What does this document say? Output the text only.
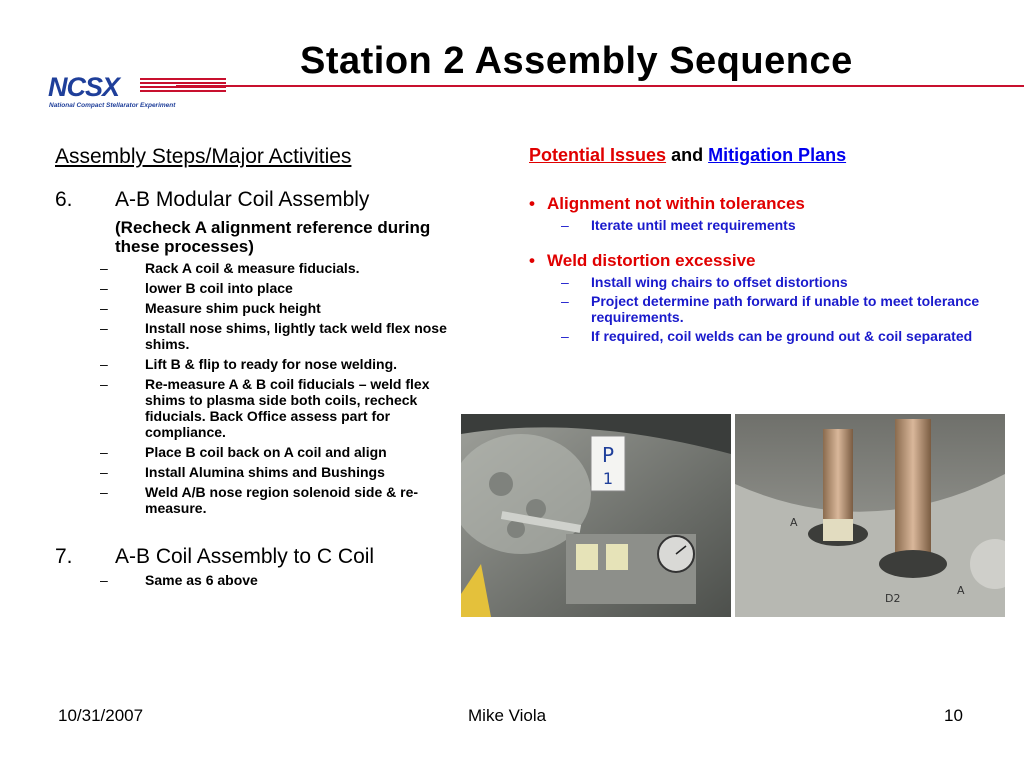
Station 2 Assembly Sequence
NCSX
National Compact Stellarator Experiment
Assembly Steps/Major Activities
6.	A-B Modular Coil Assembly
(Recheck A alignment reference during these processes)
–	Rack A coil & measure fiducials.
–	lower B coil into place
–	Measure shim puck height
–	Install nose shims, lightly tack weld flex nose shims.
–	Lift B & flip to ready for nose welding.
–	Re-measure A & B coil fiducials – weld flex shims to plasma side both coils, recheck fiducials. Back Office assess part for compliance.
–	Place B coil back on A coil and align
–	Install Alumina shims and Bushings
–	Weld A/B nose region solenoid side & re-measure.
7.	A-B Coil Assembly to C Coil
–	Same as 6 above
Potential Issues and Mitigation Plans
• Alignment not within tolerances
–	Iterate until meet requirements
• Weld distortion excessive
–	Install wing chairs to offset distortions
–	Project determine path forward if unable to meet tolerance requirements.
–	If required, coil welds can be ground out & coil separated
P
1
A
D2
A
10/31/2007	Mike Viola	10
